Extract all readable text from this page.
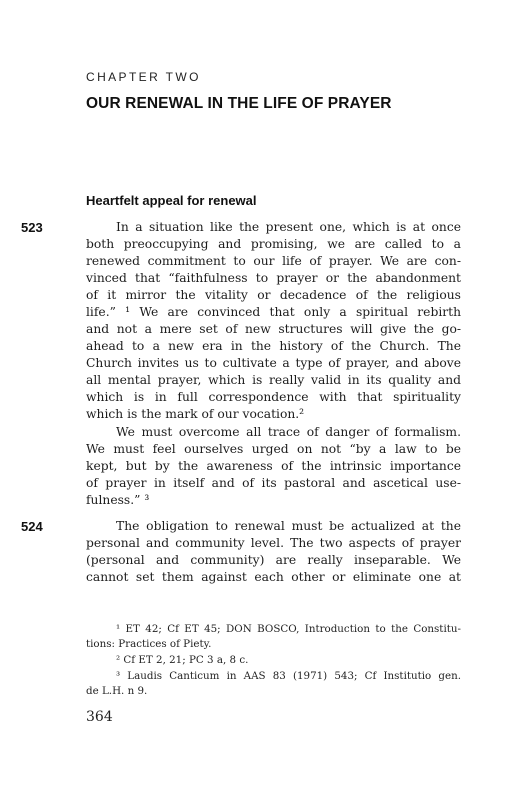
CHAPTER TWO
OUR RENEWAL IN THE LIFE OF PRAYER
Heartfelt appeal for renewal
523	In a situation like the present one, which is at once
both preoccupying and promising, we are called to a
renewed commitment to our life of prayer. We are con-
vinced that “faithfulness to prayer or the abandonment
of it mirror the vitality or decadence of the religious
life.” ¹ We are convinced that only a spiritual rebirth
and not a mere set of new structures will give the go-
ahead to a new era in the history of the Church. The
Church invites us to cultivate a type of prayer, and above
all mental prayer, which is really valid in its quality and
which is in full correspondence with that spirituality
which is the mark of our vocation.²
We must overcome all trace of danger of formalism.
We must feel ourselves urged on not “by a law to be
kept, but by the awareness of the intrinsic importance
of prayer in itself and of its pastoral and ascetical use-
fulness.” ³
524	The obligation to renewal must be actualized at the
personal and community level. The two aspects of prayer
(personal and community) are really inseparable. We
cannot set them against each other or eliminate one at
¹ ET 42; Cf ET 45; DON BOSCO, Introduction to the Constitu-
tions: Practices of Piety.
² Cf ET 2, 21; PC 3 a, 8 c.
³ Laudis Canticum in AAS 83 (1971) 543; Cf Institutio gen.
de L.H. n 9.
364
